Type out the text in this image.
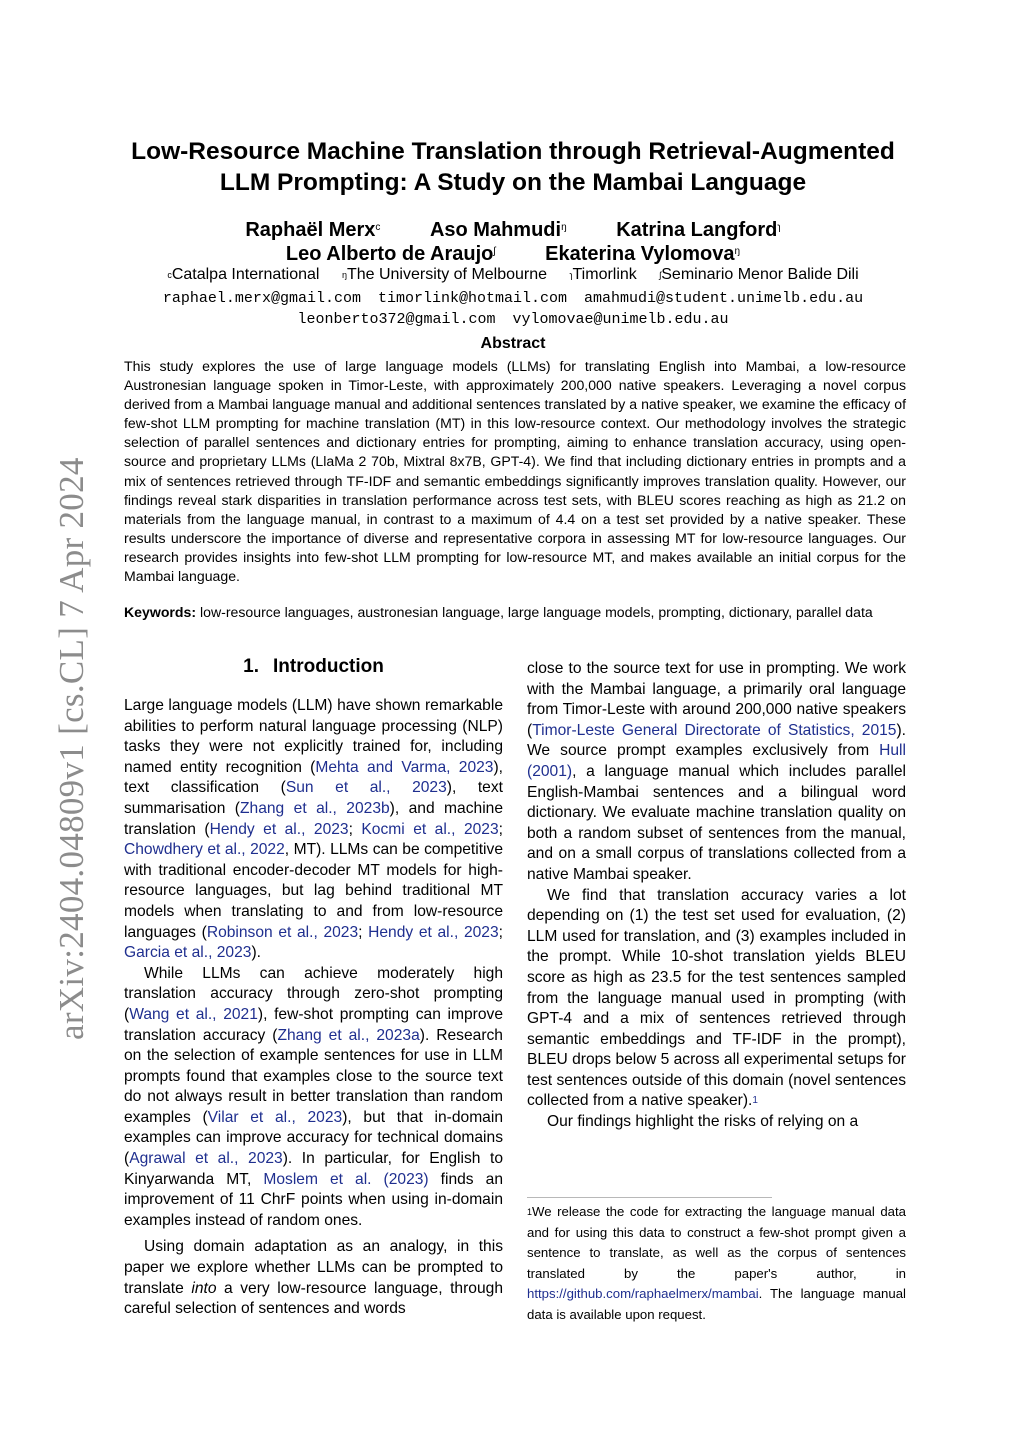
arXiv:2404.04809v1 [cs.CL] 7 Apr 2024
Low-Resource Machine Translation through Retrieval-Augmented
LLM Prompting: A Study on the Mambai Language
Raphaël Merx$^c$ Aso Mahmudi$^ŋ$ Katrina Langford$^ɿ$
Leo Alberto de Araujo$^ʃ$ Ekaterina Vylomova$^ŋ$
$^c$Catalpa International $^ŋ$The University of Melbourne $^ɿ$Timorlink $^ʃ$Seminario Menor Balide Dili
raphael.merx@gmail.com timorlink@hotmail.com amahmudi@student.unimelb.edu.au
leonberto372@gmail.com vylomovae@unimelb.edu.au
Abstract
This study explores the use of large language models (LLMs) for translating English into Mambai, a low-resource Austronesian language spoken in Timor-Leste, with approximately 200,000 native speakers. Leveraging a novel corpus derived from a Mambai language manual and additional sentences translated by a native speaker, we examine the efficacy of few-shot LLM prompting for machine translation (MT) in this low-resource context. Our methodology involves the strategic selection of parallel sentences and dictionary entries for prompting, aiming to enhance translation accuracy, using open-source and proprietary LLMs (LlaMa 2 70b, Mixtral 8x7B, GPT-4). We find that including dictionary entries in prompts and a mix of sentences retrieved through TF-IDF and semantic embeddings significantly improves translation quality. However, our findings reveal stark disparities in translation performance across test sets, with BLEU scores reaching as high as 21.2 on materials from the language manual, in contrast to a maximum of 4.4 on a test set provided by a native speaker. These results underscore the importance of diverse and representative corpora in assessing MT for low-resource languages. Our research provides insights into few-shot LLM prompting for low-resource MT, and makes available an initial corpus for the Mambai language.
Keywords: low-resource languages, austronesian language, large language models, prompting, dictionary, parallel data
1. Introduction

Large language models (LLM) have shown remarkable abilities to perform natural language processing (NLP) tasks they were not explicitly trained for, including named entity recognition (Mehta and Varma, 2023), text classification (Sun et al., 2023), text summarisation (Zhang et al., 2023b), and machine translation (Hendy et al., 2023; Kocmi et al., 2023; Chowdhery et al., 2022, MT). LLMs can be competitive with traditional encoder-decoder MT models for high-resource languages, but lag behind traditional MT models when translating to and from low-resource languages (Robinson et al., 2023; Hendy et al., 2023; Garcia et al., 2023).

While LLMs can achieve moderately high translation accuracy through zero-shot prompting (Wang et al., 2021), few-shot prompting can improve translation accuracy (Zhang et al., 2023a). Research on the selection of example sentences for use in LLM prompts found that examples close to the source text do not always result in better translation than random examples (Vilar et al., 2023), but that in-domain examples can improve accuracy for technical domains (Agrawal et al., 2023). In particular, for English to Kinyarwanda MT, Moslem et al. (2023) finds an improvement of 11 ChrF points when using in-domain examples instead of random ones.

Using domain adaptation as an analogy, in this paper we explore whether LLMs can be prompted to translate into a very low-resource language, through careful selection of sentences and words

close to the source text for use in prompting. We work with the Mambai language, a primarily oral language from Timor-Leste with around 200,000 native speakers (Timor-Leste General Directorate of Statistics, 2015). We source prompt examples exclusively from Hull (2001), a language manual which includes parallel English-Mambai sentences and a bilingual word dictionary. We evaluate machine translation quality on both a random subset of sentences from the manual, and on a small corpus of translations collected from a native Mambai speaker.

We find that translation accuracy varies a lot depending on (1) the test set used for evaluation, (2) LLM used for translation, and (3) examples included in the prompt. While 10-shot translation yields BLEU score as high as 23.5 for the test sentences sampled from the language manual used in prompting (with GPT-4 and a mix of sentences retrieved through semantic embeddings and TF-IDF in the prompt), BLEU drops below 5 across all experimental setups for test sentences outside of this domain (novel sentences collected from a native speaker).$^1$

Our findings highlight the risks of relying on a

$^1$We release the code for extracting the language manual data and for using this data to construct a few-shot prompt given a sentence to translate, as well as the corpus of sentences translated by the paper's author, in https://github.com/raphaelmerx/mambai. The language manual data is available upon request.
